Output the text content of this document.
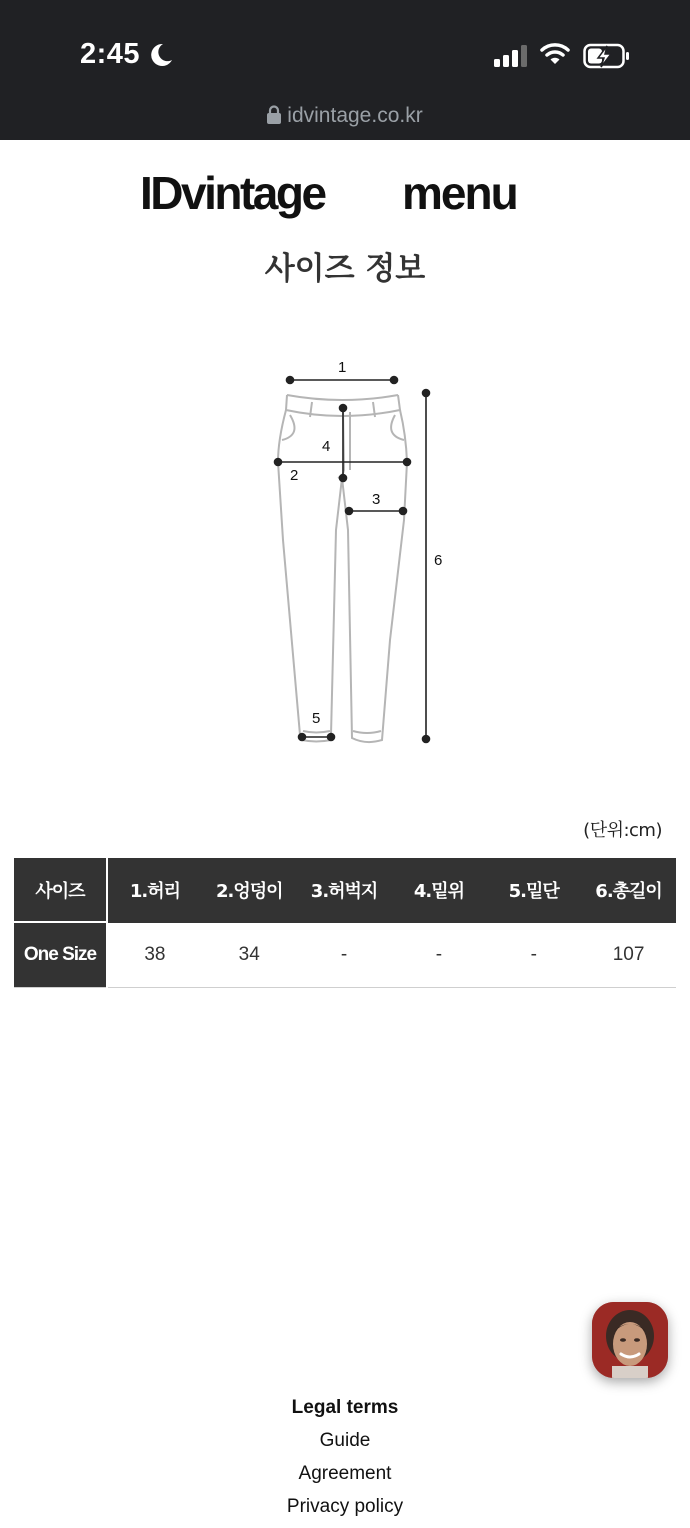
2:45
idvintage.co.kr
IDvintage menu
사이즈 정보
1
4
2
3
6
5
(단위:cm)
사이즈	1.허리	2.엉덩이	3.허벅지	4.밑위	5.밑단	6.총길이
One Size	38	34	-	-	-	107
Legal terms
Guide
Agreement
Privacy policy
